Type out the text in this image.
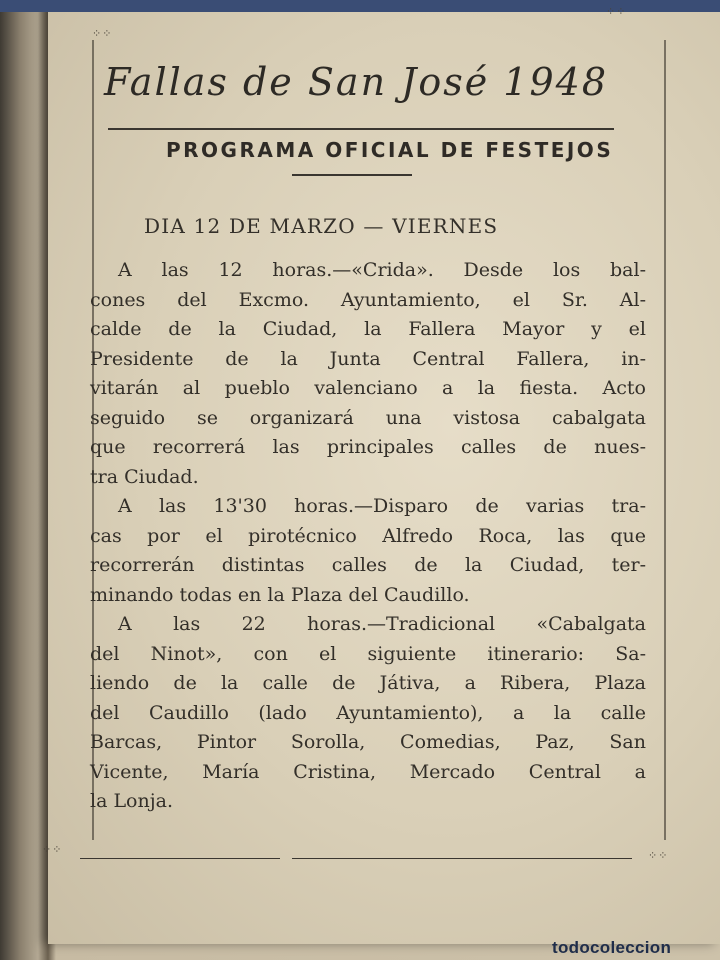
⁘⁘
⁘⁘
⁘⁘	⁘⁘
Fallas de San José 1948
PROGRAMA OFICIAL DE FESTEJOS
DIA 12 DE MARZO — VIERNES
A las 12 horas.—«Crida». Desde los bal-
cones del Excmo. Ayuntamiento, el Sr. Al-
calde de la Ciudad, la Fallera Mayor y el
Presidente de la Junta Central Fallera, in-
vitarán al pueblo valenciano a la fiesta. Acto
seguido se organizará una vistosa cabalgata
que recorrerá las principales calles de nues-
tra Ciudad.
A las 13'30 horas.—Disparo de varias tra-
cas por el pirotécnico Alfredo Roca, las que
recorrerán distintas calles de la Ciudad, ter-
minando todas en la Plaza del Caudillo.
A las 22 horas.—Tradicional «Cabalgata
del Ninot», con el siguiente itinerario: Sa-
liendo de la calle de Játiva, a Ribera, Plaza
del Caudillo (lado Ayuntamiento), a la calle
Barcas, Pintor Sorolla, Comedias, Paz, San
Vicente, María Cristina, Mercado Central a
la Lonja.
todocoleccion
